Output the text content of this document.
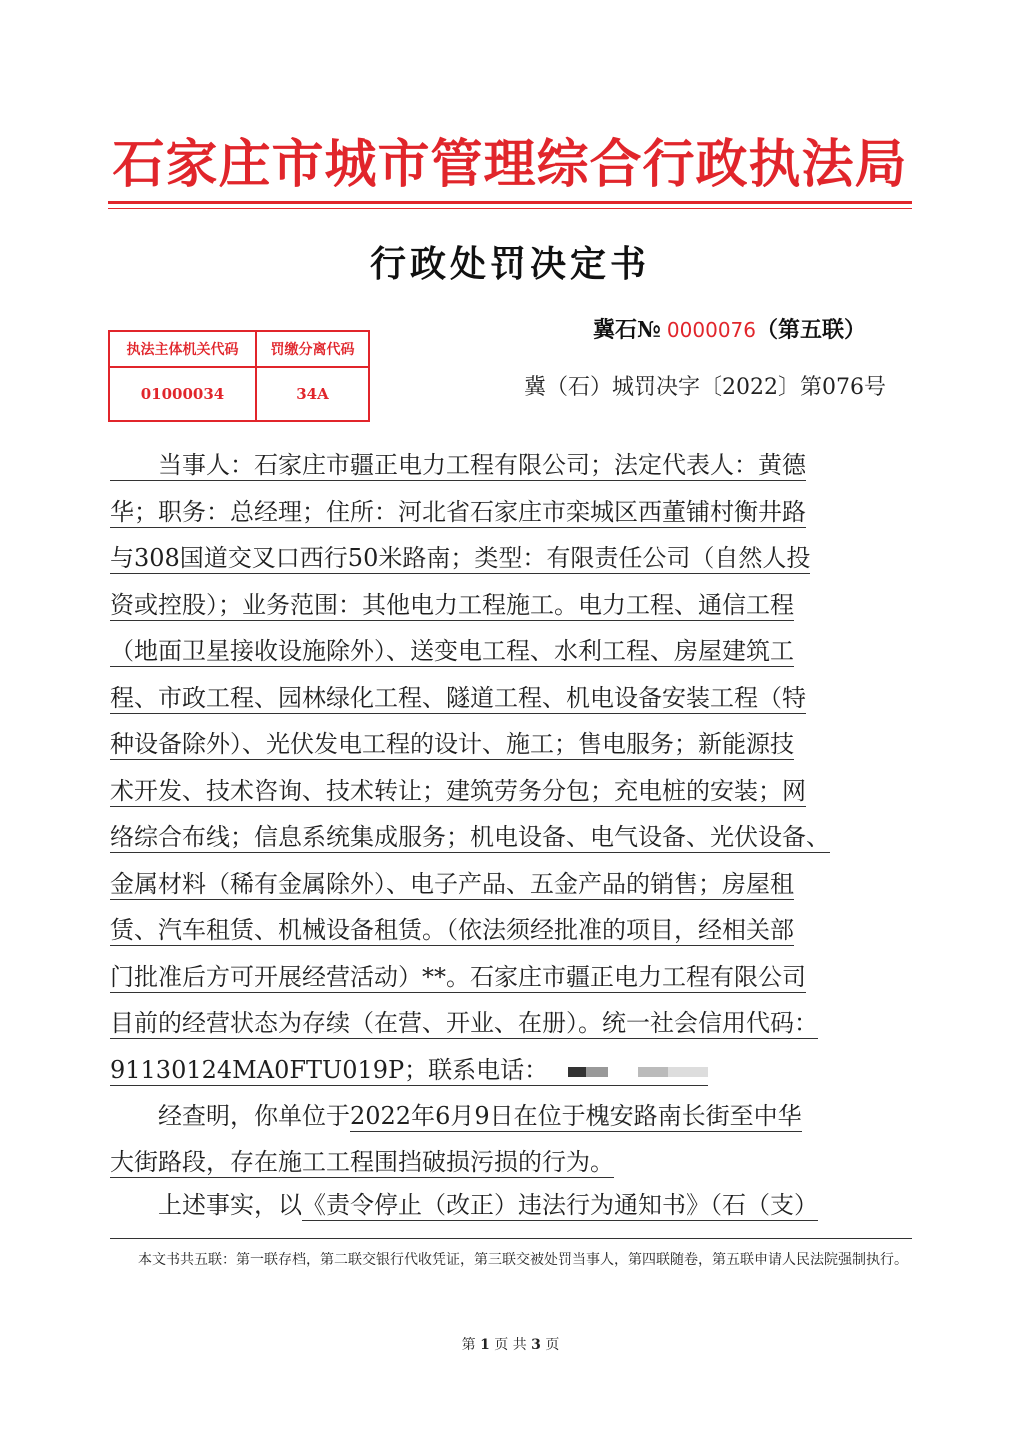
石家庄市城市管理综合行政执法局
行政处罚决定书
冀石№ 0000076（第五联）
冀（石）城罚决字〔2022〕第076号
执法主体机关代码	罚缴分离代码
01000034	34A
　　当事人：石家庄市疆正电力工程有限公司；法定代表人：黄德
华；职务：总经理；住所：河北省石家庄市栾城区西董铺村衡井路
与308国道交叉口西行50米路南；类型：有限责任公司（自然人投
资或控股）；业务范围：其他电力工程施工。电力工程、通信工程
（地面卫星接收设施除外）、送变电工程、水利工程、房屋建筑工
程、市政工程、园林绿化工程、隧道工程、机电设备安装工程（特
种设备除外）、光伏发电工程的设计、施工；售电服务；新能源技
术开发、技术咨询、技术转让；建筑劳务分包；充电桩的安装；网
络综合布线；信息系统集成服务；机电设备、电气设备、光伏设备、
金属材料（稀有金属除外）、电子产品、五金产品的销售；房屋租
赁、汽车租赁、机械设备租赁。（依法须经批准的项目，经相关部
门批准后方可开展经营活动）**。石家庄市疆正电力工程有限公司
目前的经营状态为存续（在营、开业、在册）。统一社会信用代码：
91130124MA0FTU019P；联系电话：
　　经查明，你单位于2022年6月9日在位于槐安路南长街至中华
大街路段，存在施工工程围挡破损污损的行为。
　　上述事实，以《责令停止（改正）违法行为通知书》（石（支）
本文书共五联：第一联存档，第二联交银行代收凭证，第三联交被处罚当事人，第四联随卷，第五联申请人民法院强制执行。
第 1 页 共 3 页
